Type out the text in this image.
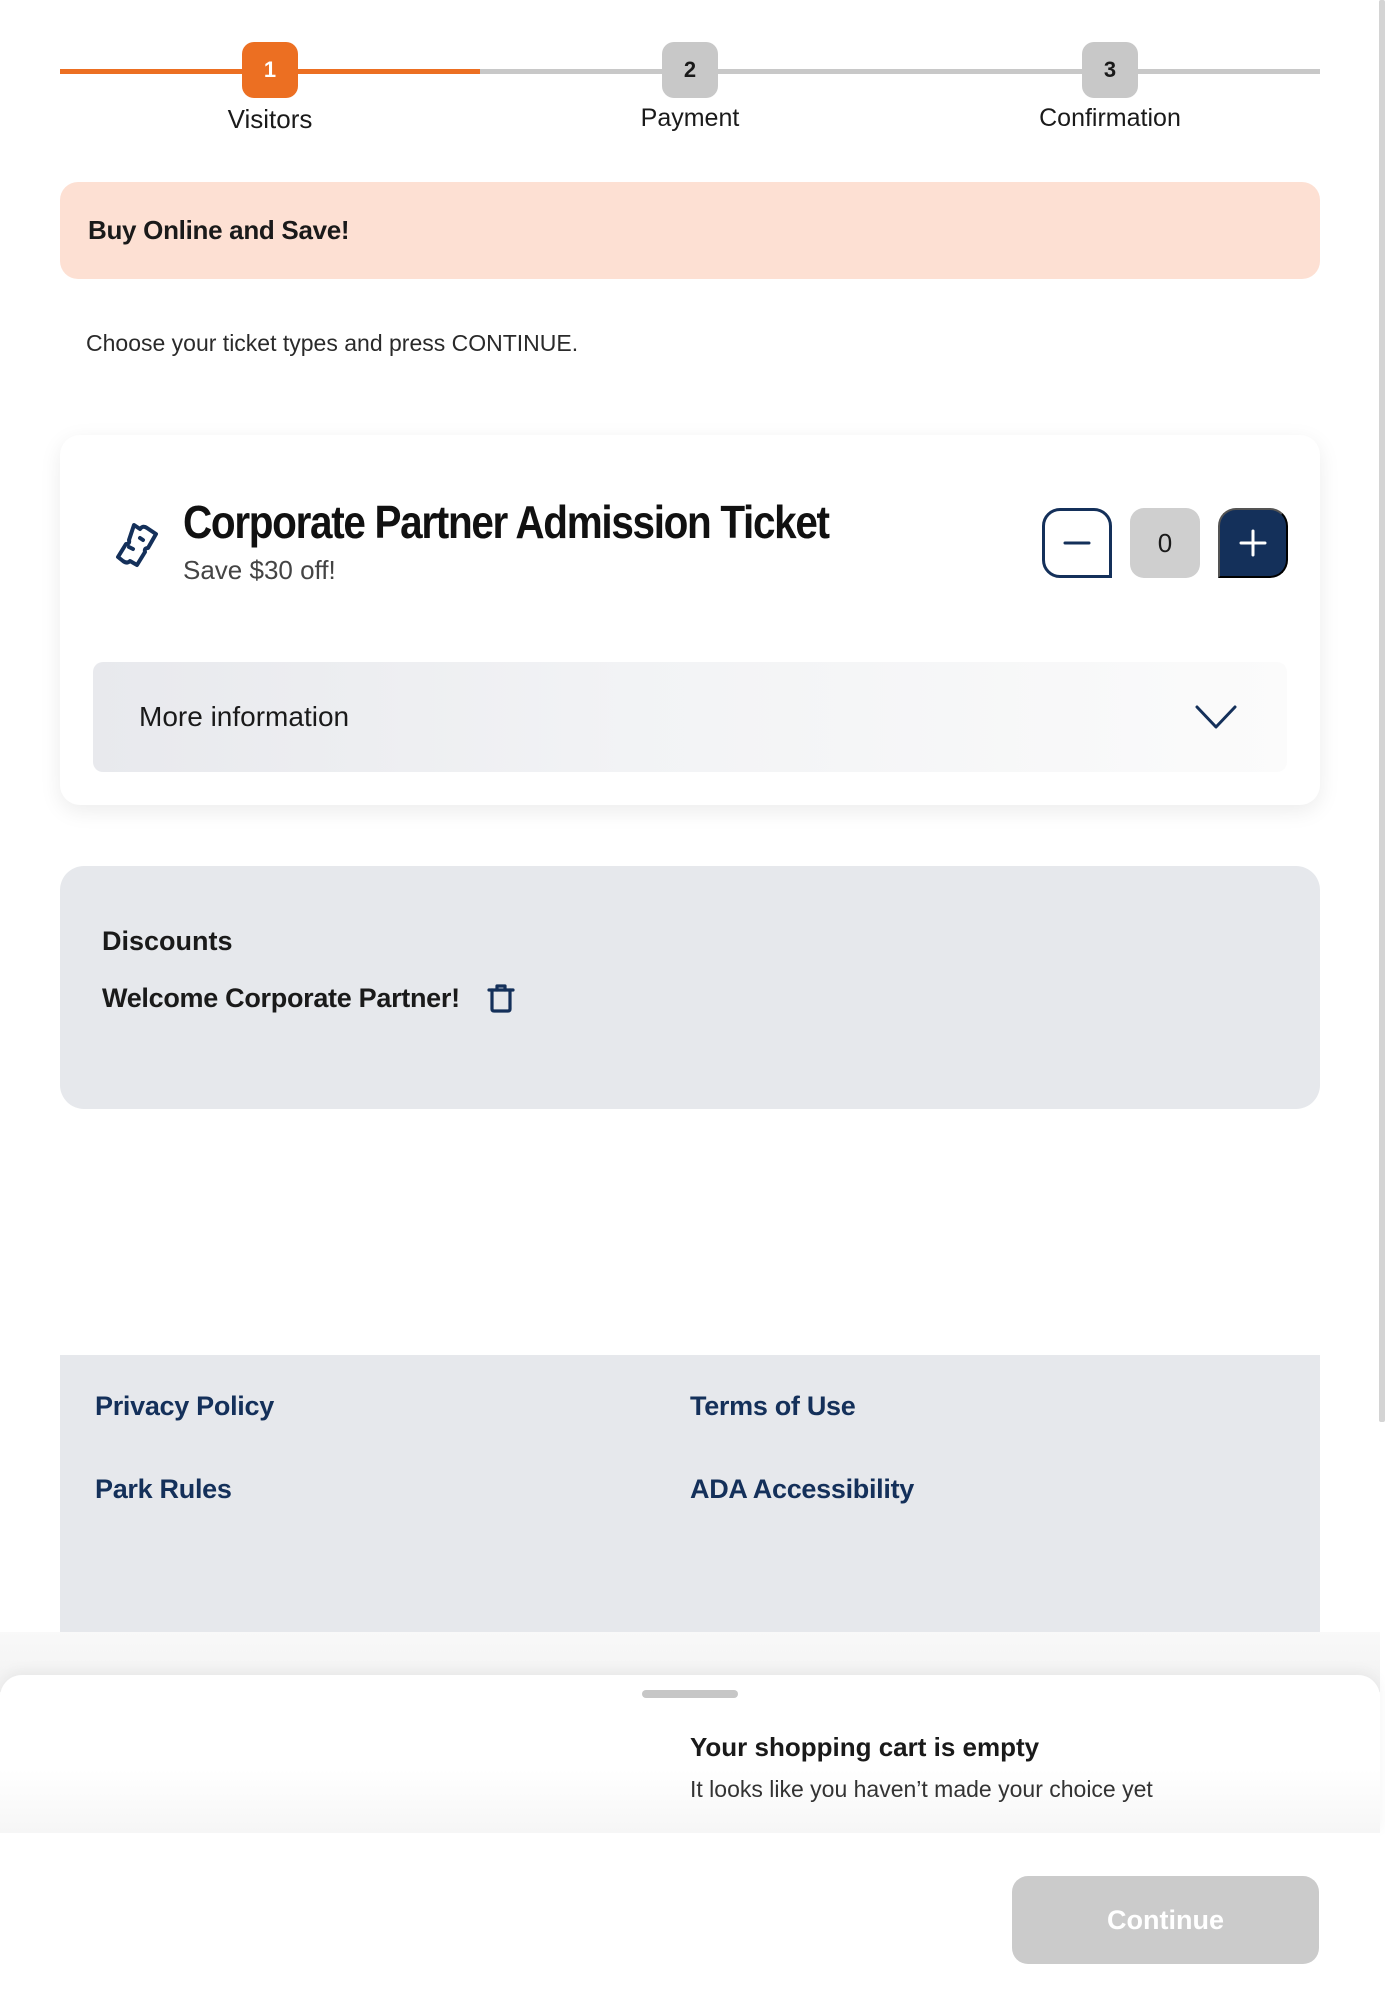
1
Visitors
2
Payment
3
Confirmation
Buy Online and Save!
Choose your ticket types and press CONTINUE.
Corporate Partner Admission Ticket
Save $30 off!
0
More information
Discounts
Welcome Corporate Partner!
Privacy Policy	Terms of Use
Park Rules	ADA Accessibility
Your shopping cart is empty
It looks like you haven’t made your choice yet
Continue
